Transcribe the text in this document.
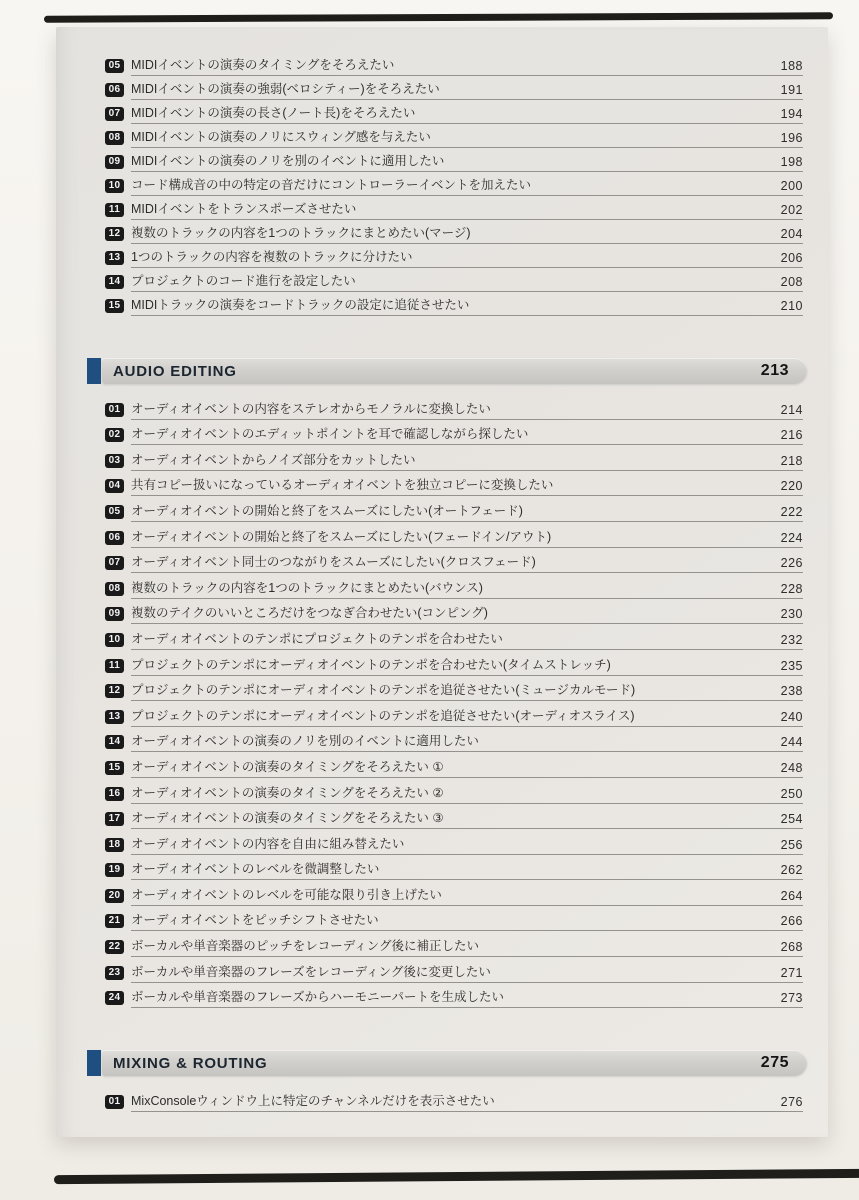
05 MIDIイベントの演奏のタイミングをそろえたい	188
06 MIDIイベントの演奏の強弱(ベロシティー)をそろえたい	191
07 MIDIイベントの演奏の長さ(ノート長)をそろえたい	194
08 MIDIイベントの演奏のノリにスウィング感を与えたい	196
09 MIDIイベントの演奏のノリを別のイベントに適用したい	198
10 コード構成音の中の特定の音だけにコントローラーイベントを加えたい	200
11 MIDIイベントをトランスポーズさせたい	202
12 複数のトラックの内容を1つのトラックにまとめたい(マージ)	204
13 1つのトラックの内容を複数のトラックに分けたい	206
14 プロジェクトのコード進行を設定したい	208
15 MIDIトラックの演奏をコードトラックの設定に追従させたい	210
AUDIO EDITING	213
01 オーディオイベントの内容をステレオからモノラルに変換したい	214
02 オーディオイベントのエディットポイントを耳で確認しながら探したい	216
03 オーディオイベントからノイズ部分をカットしたい	218
04 共有コピー扱いになっているオーディオイベントを独立コピーに変換したい	220
05 オーディオイベントの開始と終了をスムーズにしたい(オートフェード)	222
06 オーディオイベントの開始と終了をスムーズにしたい(フェードイン/アウト)	224
07 オーディオイベント同士のつながりをスムーズにしたい(クロスフェード)	226
08 複数のトラックの内容を1つのトラックにまとめたい(バウンス)	228
09 複数のテイクのいいところだけをつなぎ合わせたい(コンピング)	230
10 オーディオイベントのテンポにプロジェクトのテンポを合わせたい	232
11 プロジェクトのテンポにオーディオイベントのテンポを合わせたい(タイムストレッチ)	235
12 プロジェクトのテンポにオーディオイベントのテンポを追従させたい(ミュージカルモード)	238
13 プロジェクトのテンポにオーディオイベントのテンポを追従させたい(オーディオスライス)	240
14 オーディオイベントの演奏のノリを別のイベントに適用したい	244
15 オーディオイベントの演奏のタイミングをそろえたい ①	248
16 オーディオイベントの演奏のタイミングをそろえたい ②	250
17 オーディオイベントの演奏のタイミングをそろえたい ③	254
18 オーディオイベントの内容を自由に組み替えたい	256
19 オーディオイベントのレベルを微調整したい	262
20 オーディオイベントのレベルを可能な限り引き上げたい	264
21 オーディオイベントをピッチシフトさせたい	266
22 ボーカルや単音楽器のピッチをレコーディング後に補正したい	268
23 ボーカルや単音楽器のフレーズをレコーディング後に変更したい	271
24 ボーカルや単音楽器のフレーズからハーモニーパートを生成したい	273
MIXING & ROUTING	275
01 MixConsoleウィンドウ上に特定のチャンネルだけを表示させたい	276
